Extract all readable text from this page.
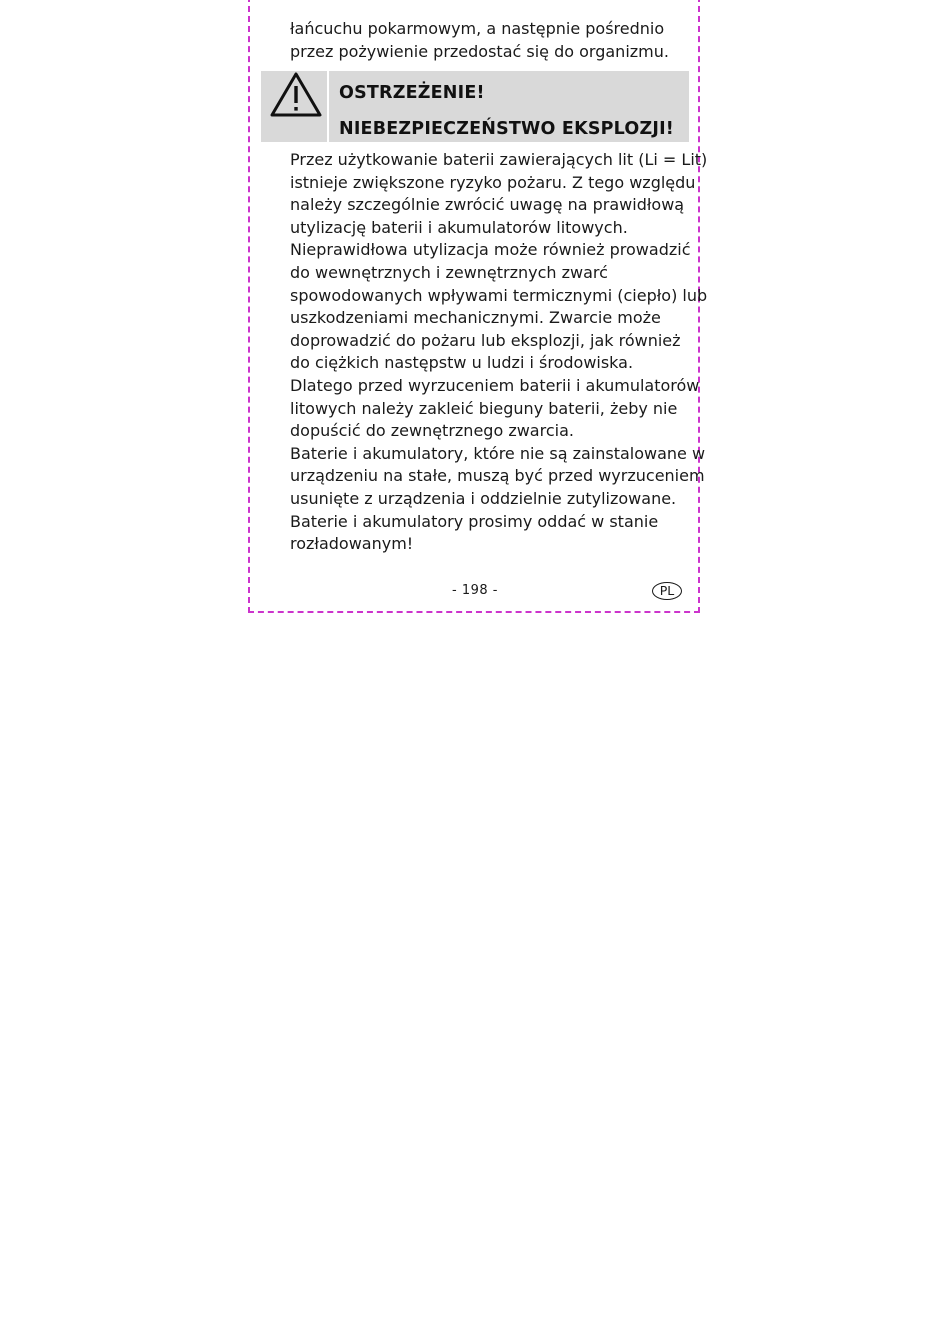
łańcuchu pokarmowym, a następnie pośrednio
przez pożywienie przedostać się do organizmu.
OSTRZEŻENIE!
NIEBEZPIECZEŃSTWO EKSPLOZJI!
Przez użytkowanie baterii zawierających lit (Li = Lit)
istnieje zwiększone ryzyko pożaru. Z tego względu
należy szczególnie zwrócić uwagę na prawidłową
utylizację baterii i akumulatorów litowych.
Nieprawidłowa utylizacja może również prowadzić
do wewnętrznych i zewnętrznych zwarć
spowodowanych wpływami termicznymi (ciepło) lub
uszkodzeniami mechanicznymi. Zwarcie może
doprowadzić do pożaru lub eksplozji, jak również
do ciężkich następstw u ludzi i środowiska.
Dlatego przed wyrzuceniem baterii i akumulatorów
litowych należy zakleić bieguny baterii, żeby nie
dopuścić do zewnętrznego zwarcia.
Baterie i akumulatory, które nie są zainstalowane w
urządzeniu na stałe, muszą być przed wyrzuceniem
usunięte z urządzenia i oddzielnie zutylizowane.
Baterie i akumulatory prosimy oddać w stanie
rozładowanym!
- 198 -	PL
